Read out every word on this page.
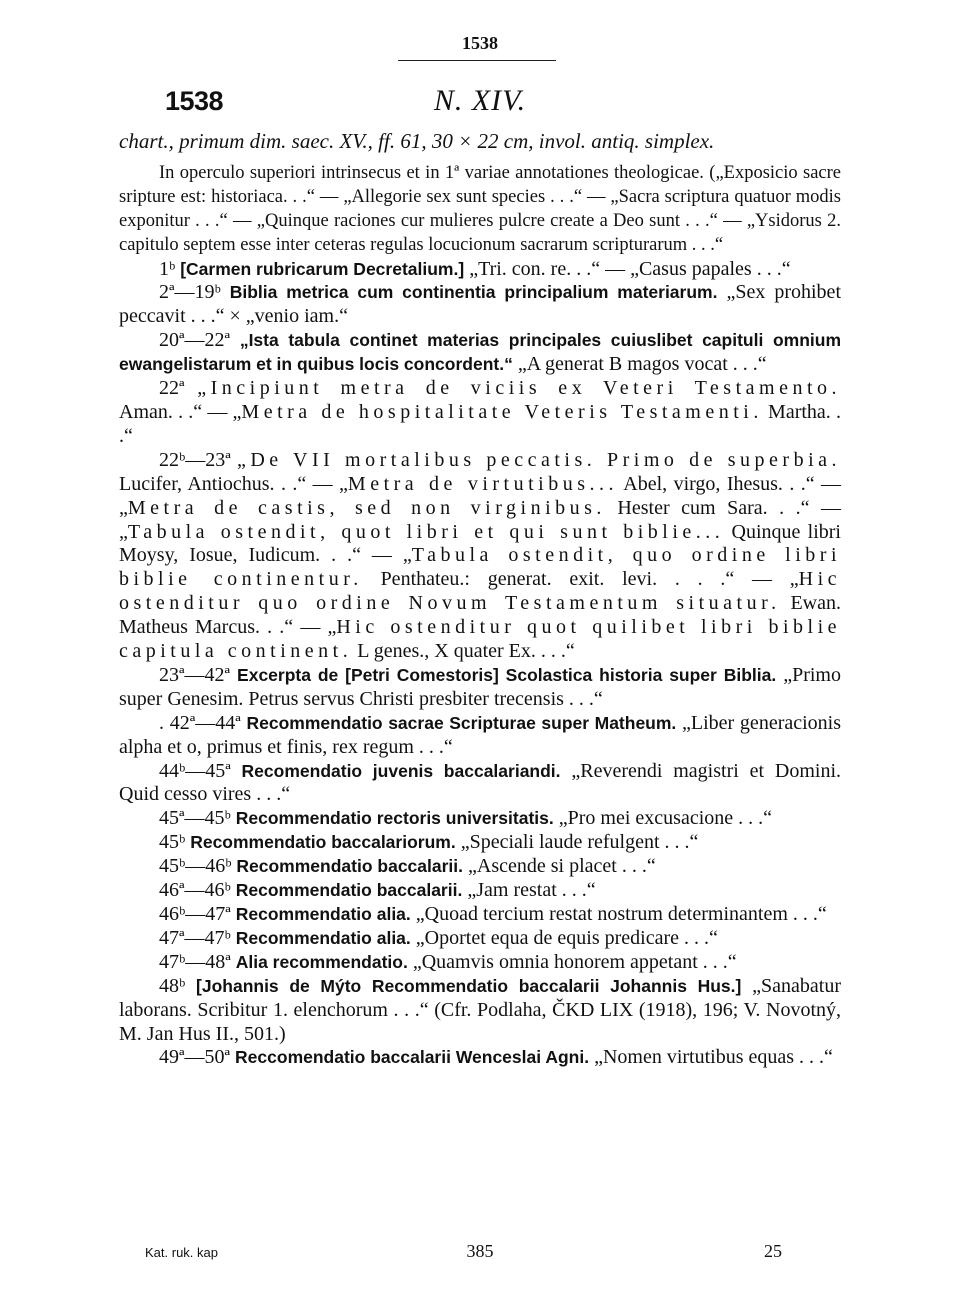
1538
1538	N. XIV.

chart., primum dim. saec. XV., ff. 61, 30 × 22 cm, invol. antiq. simplex.

In operculo superiori intrinsecus et in 1ª variae annotationes theologicae. („Exposicio sacre sripture est: historiaca. . .“ — „Allegorie sex sunt species . . .“ — „Sacra scriptura quatuor modis exponitur . . .“ — „Quinque raciones cur mulieres pulcre create a Deo sunt . . .“ — „Ysidorus 2. capitulo septem esse inter ceteras regulas locucionum sacrarum scripturarum . . .“

1ᵇ [Carmen rubricarum Decretalium.] „Tri. con. re. . .“ — „Casus papales . . .“

2ª—19ᵇ Biblia metrica cum continentia principalium materiarum. „Sex prohibet peccavit . . .“ × „venio iam.“

20ª—22ª „Ista tabula continet materias principales cuiuslibet capituli omnium ewangelistarum et in quibus locis concordent.“ „A generat B magos vocat . . .“

22ª „Incipiunt metra de viciis ex Veteri Testamento. Aman. . .“ — „Metra de hospitalitate Veteris Testamenti. Martha. . .“

22ᵇ—23ª „De VII mortalibus peccatis. Primo de superbia. Lucifer, Antiochus. . .“ — „Metra de virtutibus... Abel, virgo, Ihesus. . .“ — „Metra de castis, sed non virginibus. Hester cum Sara. . .“ — „Tabula ostendit, quot libri et qui sunt biblie... Quinque libri Moysy, Iosue, Iudicum. . .“ — „Tabula ostendit, quo ordine libri biblie continentur. Penthateu.: generat. exit. levi. . . .“ — „Hic ostenditur quo ordine Novum Testamentum situatur. Ewan. Matheus Marcus. . .“ — „Hic ostenditur quot quilibet libri biblie capitula continent. L genes., X quater Ex. . . .“

23ª—42ª Excerpta de [Petri Comestoris] Scolastica historia super Biblia. „Primo super Genesim. Petrus servus Christi presbiter trecensis . . .“

. 42ª—44ª Recommendatio sacrae Scripturae super Matheum. „Liber generacionis alpha et o, primus et finis, rex regum . . .“

44ᵇ—45ª Recomendatio juvenis baccalariandi. „Reverendi magistri et Domini. Quid cesso vires . . .“

45ª—45ᵇ Recommendatio rectoris universitatis. „Pro mei excusacione . . .“

45ᵇ Recommendatio baccalariorum. „Speciali laude refulgent . . .“

45ᵇ—46ᵇ Recommendatio baccalarii. „Ascende si placet . . .“

46ª—46ᵇ Recommendatio baccalarii. „Jam restat . . .“

46ᵇ—47ª Recommendatio alia. „Quoad tercium restat nostrum determinantem . . .“

47ª—47ᵇ Recommendatio alia. „Oportet equa de equis predicare . . .“

47ᵇ—48ª Alia recommendatio. „Quamvis omnia honorem appetant . . .“

48ᵇ [Johannis de Mýto Recommendatio baccalarii Johannis Hus.] „Sanabatur laborans. Scribitur 1. elenchorum . . .“ (Cfr. Podlaha, ČKD LIX (1918), 196; V. Novotný, M. Jan Hus II., 501.)

49ª—50ª Reccomendatio baccalarii Wenceslai Agni. „Nomen virtutibus equas . . .“

Kat. ruk. kap	385	25
